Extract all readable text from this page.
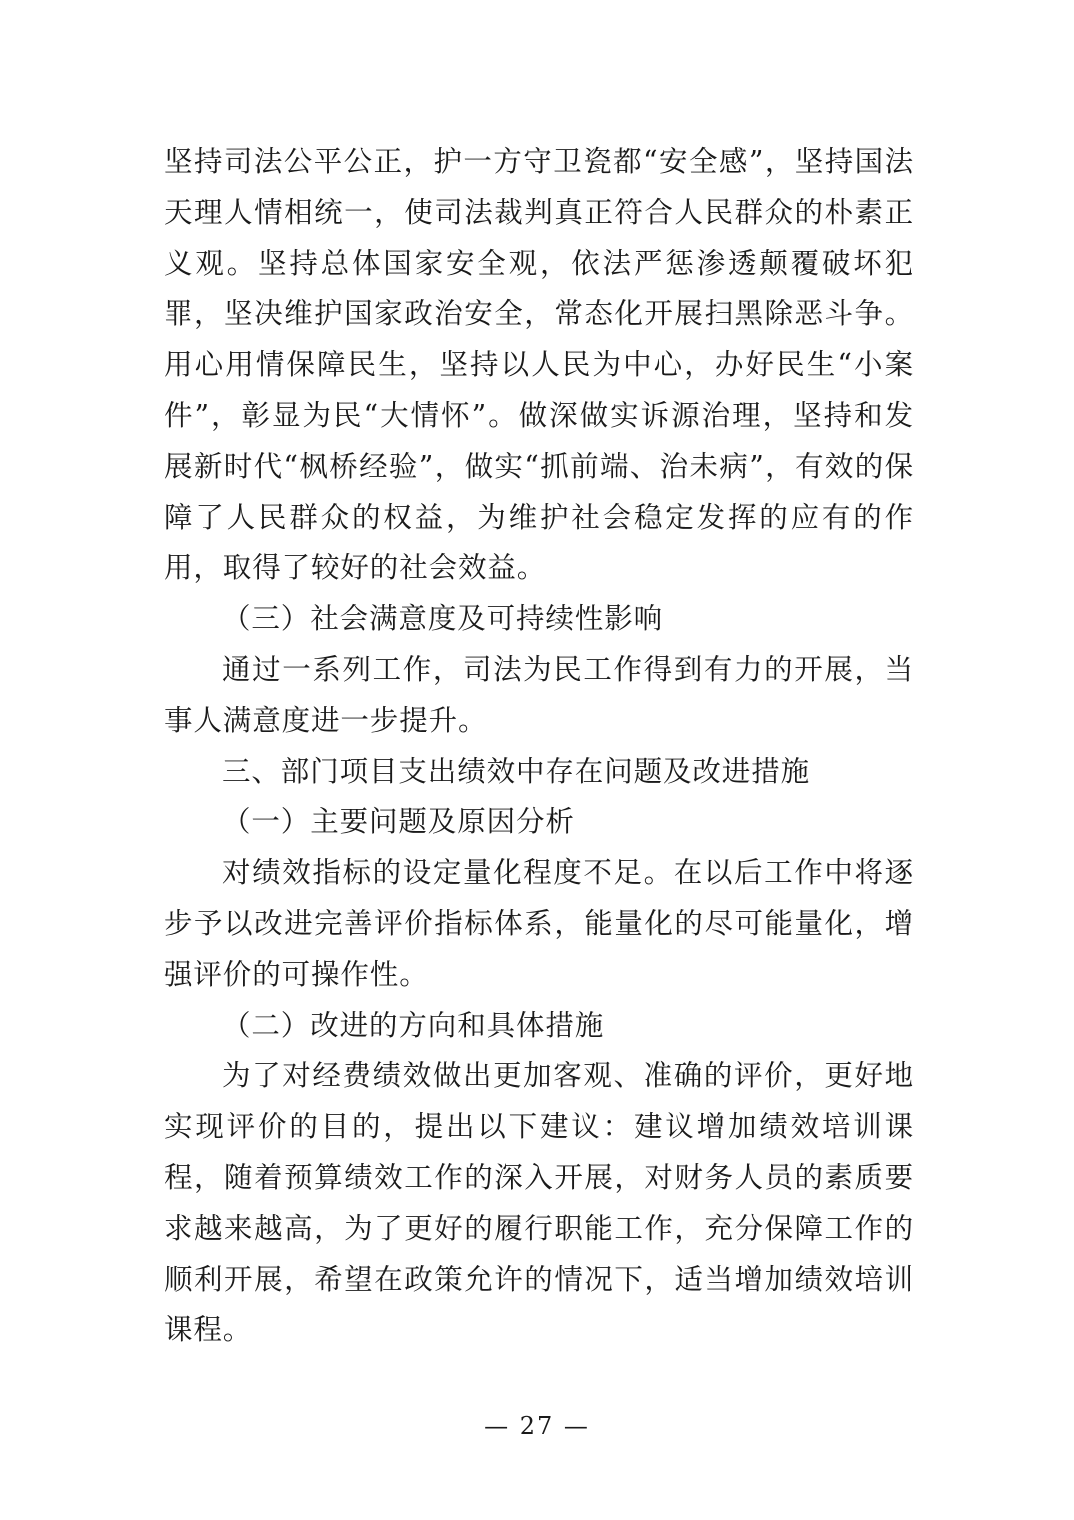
坚持司法公平公正，护一方守卫瓷都“安全感”，坚持国法天理人情相统一，使司法裁判真正符合人民群众的朴素正义观。坚持总体国家安全观，依法严惩渗透颠覆破坏犯罪，坚决维护国家政治安全，常态化开展扫黑除恶斗争。用心用情保障民生，坚持以人民为中心，办好民生“小案件”，彰显为民“大情怀”。做深做实诉源治理，坚持和发展新时代“枫桥经验”，做实“抓前端、治未病”，有效的保障了人民群众的权益，为维护社会稳定发挥的应有的作用，取得了较好的社会效益。

（三）社会满意度及可持续性影响

通过一系列工作，司法为民工作得到有力的开展，当事人满意度进一步提升。

三、部门项目支出绩效中存在问题及改进措施

（一）主要问题及原因分析

对绩效指标的设定量化程度不足。在以后工作中将逐步予以改进完善评价指标体系，能量化的尽可能量化，增强评价的可操作性。

（二）改进的方向和具体措施

为了对经费绩效做出更加客观、准确的评价，更好地实现评价的目的，提出以下建议：建议增加绩效培训课程，随着预算绩效工作的深入开展，对财务人员的素质要求越来越高，为了更好的履行职能工作，充分保障工作的顺利开展，希望在政策允许的情况下，适当增加绩效培训课程。

— 27 —
